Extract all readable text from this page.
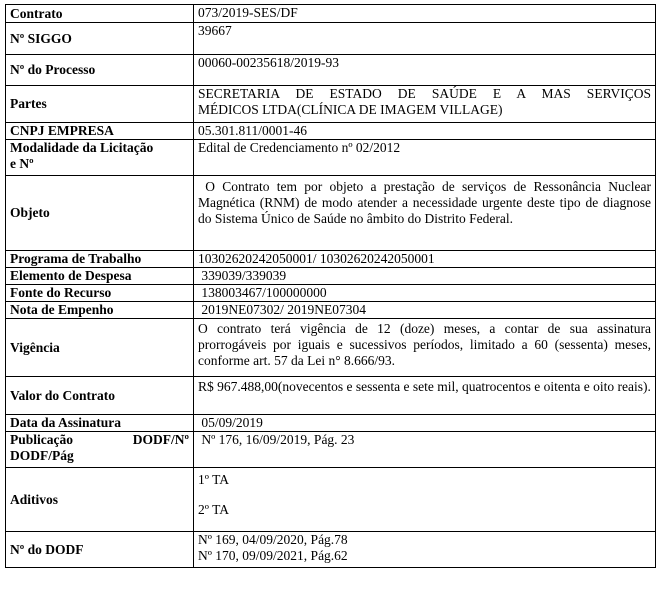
Contrato	073/2019-SES/DF
Nº SIGGO	39667
Nº do Processo	00060-00235618/2019-93
Partes	SECRETARIA DE ESTADO DE SAÚDE E A MAS SERVIÇOS
MÉDICOS LTDA(CLÍNICA DE IMAGEM VILLAGE)

CNPJ EMPRESA	05.301.811/0001-46

Modalidade da Licitação
e Nº	Edital de Credenciamento nº 02/2012
Objeto	O Contrato tem por objeto a prestação de serviços de Ressonância Nuclear Magnética (RNM) de modo atender a necessidade urgente deste tipo de diagnose do Sistema Único de Saúde no âmbito do Distrito Federal.
Programa de Trabalho	10302620242050001/ 10302620242050001
Elemento de Despesa	339039/339039
Fonte do Recurso	138003467/100000000
Nota de Empenho	2019NE07302/ 2019NE07304
Vigência	O contrato terá vigência de 12 (doze) meses, a contar de sua assinatura prorrogáveis por iguais e sucessivos períodos, limitado a 60 (sessenta) meses, conforme art. 57 da Lei n° 8.666/93.
Valor do Contrato	R$ 967.488,00(novecentos e sessenta e sete mil, quatrocentos e oitenta e oito reais).
Data da Assinatura	05/09/2019

Publicação DODF/Nº
DODF/Pág	Nº 176, 16/09/2019, Pág. 23
Aditivos	1º TA
2º TA

Nº do DODF	Nº 169, 04/09/2020, Pág.78
Nº 170, 09/09/2021, Pág.62
